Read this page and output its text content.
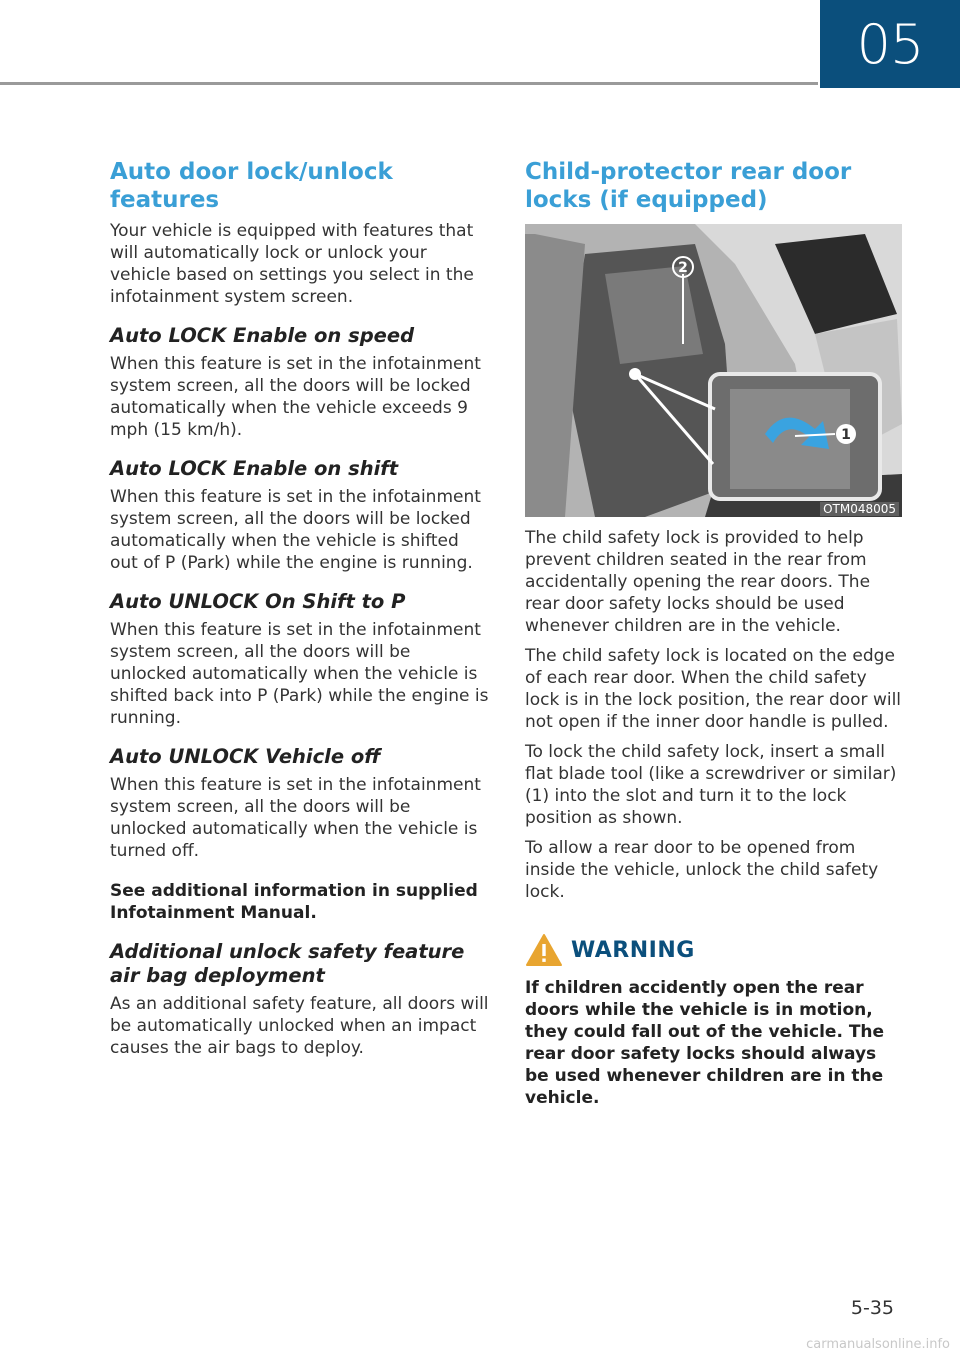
05
Auto door lock/unlock features

Your vehicle is equipped with features that will automatically lock or unlock your vehicle based on settings you select in the infotainment system screen.

Auto LOCK Enable on speed

When this feature is set in the infotainment system screen, all the doors will be locked automatically when the vehicle exceeds 9 mph (15 km/h).

Auto LOCK Enable on shift

When this feature is set in the infotainment system screen, all the doors will be locked automatically when the vehicle is shifted out of P (Park) while the engine is running.

Auto UNLOCK On Shift to P

When this feature is set in the infotainment system screen, all the doors will be unlocked automatically when the vehicle is shifted back into P (Park) while the engine is running.

Auto UNLOCK Vehicle off

When this feature is set in the infotainment system screen, all the doors will be unlocked automatically when the vehicle is turned off.

See additional information in supplied Infotainment Manual.

Additional unlock safety feature air bag deployment

As an additional safety feature, all doors will be automatically unlocked when an impact causes the air bags to deploy.

Child-protector rear door locks (if equipped)
2
1
OTM048005

The child safety lock is provided to help prevent children seated in the rear from accidentally opening the rear doors. The rear door safety locks should be used whenever children are in the vehicle.

The child safety lock is located on the edge of each rear door. When the child safety lock is in the lock position, the rear door will not open if the inner door handle is pulled.

To lock the child safety lock, insert a small flat blade tool (like a screwdriver or similar) (1) into the slot and turn it to the lock position as shown.

To allow a rear door to be opened from inside the vehicle, unlock the child safety lock.

WARNING

If children accidently open the rear doors while the vehicle is in motion, they could fall out of the vehicle. The rear door safety locks should always be used whenever children are in the vehicle.

5-35
carmanualsonline.info
